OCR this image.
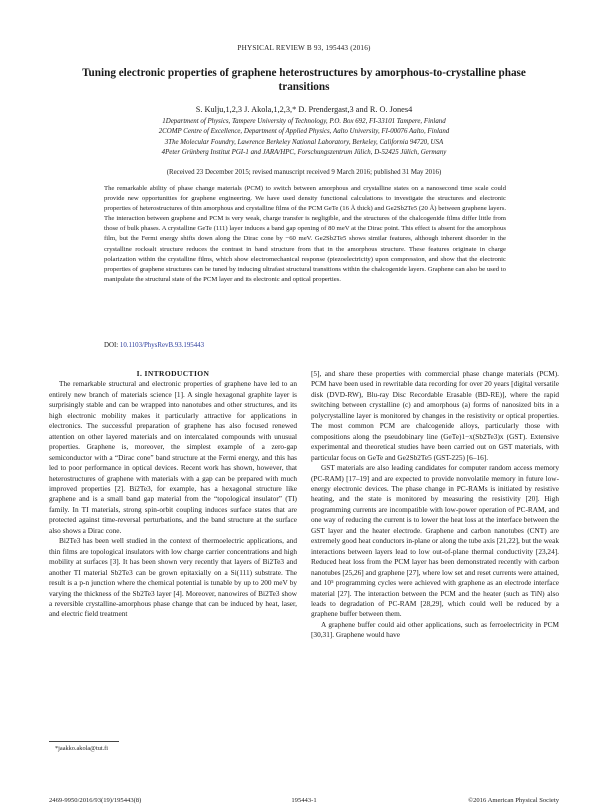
PHYSICAL REVIEW B 93, 195443 (2016)
Tuning electronic properties of graphene heterostructures by amorphous-to-crystalline phase transitions
S. Kulju,1,2,3 J. Akola,1,2,3,* D. Prendergast,3 and R. O. Jones4
1Department of Physics, Tampere University of Technology, P.O. Box 692, FI-33101 Tampere, Finland
2COMP Centre of Excellence, Department of Applied Physics, Aalto University, FI-00076 Aalto, Finland
3The Molecular Foundry, Lawrence Berkeley National Laboratory, Berkeley, California 94720, USA
4Peter Grünberg Institut PGI-1 and JARA/HPC, Forschungszentrum Jülich, D-52425 Jülich, Germany
(Received 23 December 2015; revised manuscript received 9 March 2016; published 31 May 2016)
The remarkable ability of phase change materials (PCM) to switch between amorphous and crystalline states on a nanosecond time scale could provide new opportunities for graphene engineering. We have used density functional calculations to investigate the structures and electronic properties of heterostructures of thin amorphous and crystalline films of the PCM GeTe (16 Å thick) and Ge2Sb2Te5 (20 Å) between graphene layers. The interaction between graphene and PCM is very weak, charge transfer is negligible, and the structures of the chalcogenide films differ little from those of bulk phases. A crystalline GeTe (111) layer induces a band gap opening of 80 meV at the Dirac point. This effect is absent for the amorphous film, but the Fermi energy shifts down along the Dirac cone by −60 meV. Ge2Sb2Te5 shows similar features, although inherent disorder in the crystalline rocksalt structure reduces the contrast in band structure from that in the amorphous structure. These features originate in charge polarization within the crystalline films, which show electromechanical response (piezoelectricity) upon compression, and show that the electronic properties of graphene structures can be tuned by inducing ultrafast structural transitions within the chalcogenide layers. Graphene can also be used to manipulate the structural state of the PCM layer and its electronic and optical properties.
DOI: 10.1103/PhysRevB.93.195443

I. INTRODUCTION

The remarkable structural and electronic properties of graphene have led to an entirely new branch of materials science [1]. A single hexagonal graphite layer is surprisingly stable and can be wrapped into nanotubes and other structures, and its high electronic mobility makes it particularly attractive for applications in electronics. The successful preparation of graphene has also focused renewed attention on other layered materials and on intercalated compounds with unusual properties. Graphene is, moreover, the simplest example of a zero-gap semiconductor with a “Dirac cone” band structure at the Fermi energy, and this has led to poor performance in optical devices. Recent work has shown, however, that heterostructures of graphene with materials with a gap can be prepared with much improved properties [2]. Bi2Te3, for example, has a hexagonal structure like graphene and is a small band gap material from the “topological insulator” (TI) family. In TI materials, strong spin-orbit coupling induces surface states that are protected against time-reversal perturbations, and the band structure at the surface also shows a Dirac cone.

Bi2Te3 has been well studied in the context of thermoelectric applications, and thin films are topological insulators with low charge carrier concentrations and high mobility at surfaces [3]. It has been shown very recently that layers of Bi2Te3 and another TI material Sb2Te3 can be grown epitaxially on a Si(111) substrate. The result is a p-n junction where the chemical potential is tunable by up to 200 meV by varying the thickness of the Sb2Te3 layer [4]. Moreover, nanowires of Bi2Te3 show a reversible crystalline-amorphous phase change that can be induced by heat, laser, and electric field treatment

[5], and share these properties with commercial phase change materials (PCM). PCM have been used in rewritable data recording for over 20 years [digital versatile disk (DVD-RW), Blu-ray Disc Recordable Erasable (BD-RE)], where the rapid switching between crystalline (c) and amorphous (a) forms of nanosized bits in a polycrystalline layer is monitored by changes in the resistivity or optical properties. The most common PCM are chalcogenide alloys, particularly those with compositions along the pseudobinary line (GeTe)1−x(Sb2Te3)x (GST). Extensive experimental and theoretical studies have been carried out on GST materials, with particular focus on GeTe and Ge2Sb2Te5 (GST-225) [6–16].

GST materials are also leading candidates for computer random access memory (PC-RAM) [17–19] and are expected to provide nonvolatile memory in future low-energy electronic devices. The phase change in PC-RAMs is initiated by resistive heating, and the state is monitored by measuring the resistivity [20]. High programming currents are incompatible with low-power operation of PC-RAM, and one way of reducing the current is to lower the heat loss at the interface between the GST layer and the heater electrode. Graphene and carbon nanotubes (CNT) are extremely good heat conductors in-plane or along the tube axis [21,22], but the weak interactions between layers lead to low out-of-plane thermal conductivity [23,24]. Reduced heat loss from the PCM layer has been demonstrated recently with carbon nanotubes [25,26] and graphene [27], where low set and reset currents were attained, and 10⁵ programming cycles were achieved with graphene as an electrode interface material [27]. The interaction between the PCM and the heater (such as TiN) also leads to degradation of PC-RAM [28,29], which could well be reduced by a graphene buffer between them.

A graphene buffer could aid other applications, such as ferroelectricity in PCM [30,31]. Graphene would have

*jaakko.akola@tut.fi
2469-9950/2016/93(19)/195443(8)	195443-1	©2016 American Physical Society
